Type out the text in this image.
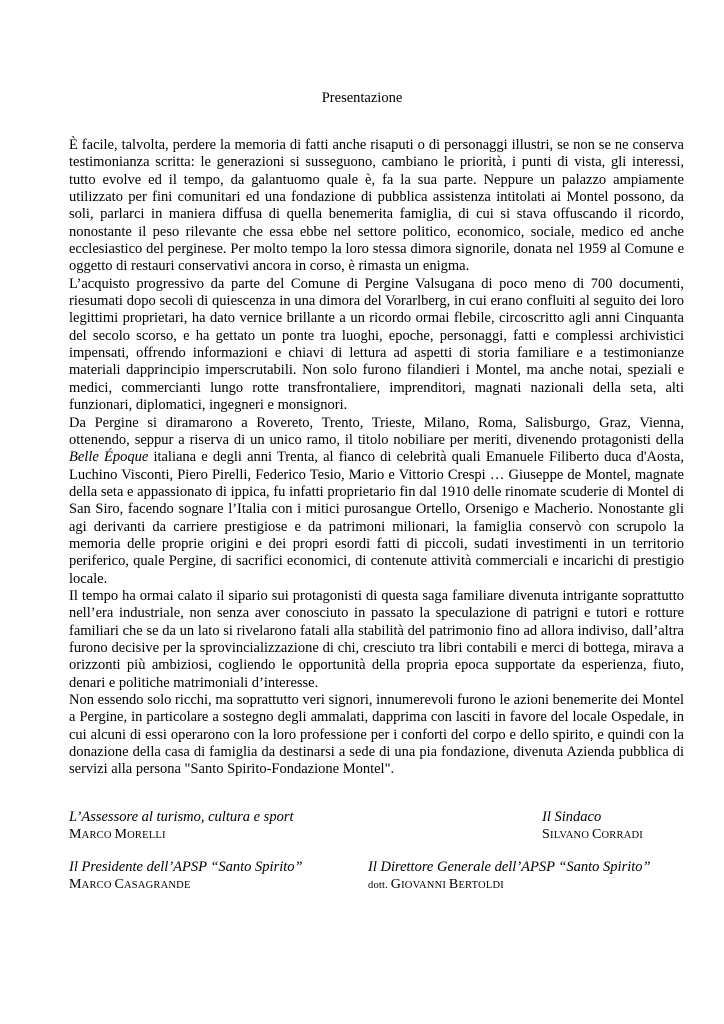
Presentazione

È facile, talvolta, perdere la memoria di fatti anche risaputi o di personaggi illustri, se non se ne conserva testimonianza scritta: le generazioni si susseguono, cambiano le priorità, i punti di vista, gli interessi, tutto evolve ed il tempo, da galantuomo quale è, fa la sua parte. Neppure un palazzo ampiamente utilizzato per fini comunitari ed una fondazione di pubblica assistenza intitolati ai Montel possono, da soli, parlarci in maniera diffusa di quella benemerita famiglia, di cui si stava offuscando il ricordo, nonostante il peso rilevante che essa ebbe nel settore politico, economico, sociale, medico ed anche ecclesiastico del perginese. Per molto tempo la loro stessa dimora signorile, donata nel 1959 al Comune e oggetto di restauri conservativi ancora in corso, è rimasta un enigma.

L’acquisto progressivo da parte del Comune di Pergine Valsugana di poco meno di 700 documenti, riesumati dopo secoli di quiescenza in una dimora del Vorarlberg, in cui erano confluiti al seguito dei loro legittimi proprietari, ha dato vernice brillante a un ricordo ormai flebile, circoscritto agli anni Cinquanta del secolo scorso, e ha gettato un ponte tra luoghi, epoche, personaggi, fatti e complessi archivistici impensati, offrendo informazioni e chiavi di lettura ad aspetti di storia familiare e a testimonianze materiali dapprincipio imperscrutabili. Non solo furono filandieri i Montel, ma anche notai, speziali e medici, commercianti lungo rotte transfrontaliere, imprenditori, magnati nazionali della seta, alti funzionari, diplomatici, ingegneri e monsignori.

Da Pergine si diramarono a Rovereto, Trento, Trieste, Milano, Roma, Salisburgo, Graz, Vienna, ottenendo, seppur a riserva di un unico ramo, il titolo nobiliare per meriti, divenendo protagonisti della Belle Époque italiana e degli anni Trenta, al fianco di celebrità quali Emanuele Filiberto duca d'Aosta, Luchino Visconti, Piero Pirelli, Federico Tesio, Mario e Vittorio Crespi … Giuseppe de Montel, magnate della seta e appassionato di ippica, fu infatti proprietario fin dal 1910 delle rinomate scuderie di Montel di San Siro, facendo sognare l’Italia con i mitici purosangue Ortello, Orsenigo e Macherio. Nonostante gli agi derivanti da carriere prestigiose e da patrimoni milionari, la famiglia conservò con scrupolo la memoria delle proprie origini e dei propri esordi fatti di piccoli, sudati investimenti in un territorio periferico, quale Pergine, di sacrifici economici, di contenute attività commerciali e incarichi di prestigio locale.

Il tempo ha ormai calato il sipario sui protagonisti di questa saga familiare divenuta intrigante soprattutto nell’era industriale, non senza aver conosciuto in passato la speculazione di patrigni e tutori e rotture familiari che se da un lato si rivelarono fatali alla stabilità del patrimonio fino ad allora indiviso, dall’altra furono decisive per la sprovincializzazione di chi, cresciuto tra libri contabili e merci di bottega, mirava a orizzonti più ambiziosi, cogliendo le opportunità della propria epoca supportate da esperienza, fiuto, denari e politiche matrimoniali d’interesse.

Non essendo solo ricchi, ma soprattutto veri signori, innumerevoli furono le azioni benemerite dei Montel a Pergine, in particolare a sostegno degli ammalati, dapprima con lasciti in favore del locale Ospedale, in cui alcuni di essi operarono con la loro professione per i conforti del corpo e dello spirito, e quindi con la donazione della casa di famiglia da destinarsi a sede di una pia fondazione, divenuta Azienda pubblica di servizi alla persona "Santo Spirito-Fondazione Montel".

L’Assessore al turismo, cultura e sport
MARCO MORELLI
Il Sindaco
SILVANO CORRADI
Il Presidente dell’APSP “Santo Spirito”
MARCO CASAGRANDE
Il Direttore Generale dell’APSP “Santo Spirito”
dott. GIOVANNI BERTOLDI
